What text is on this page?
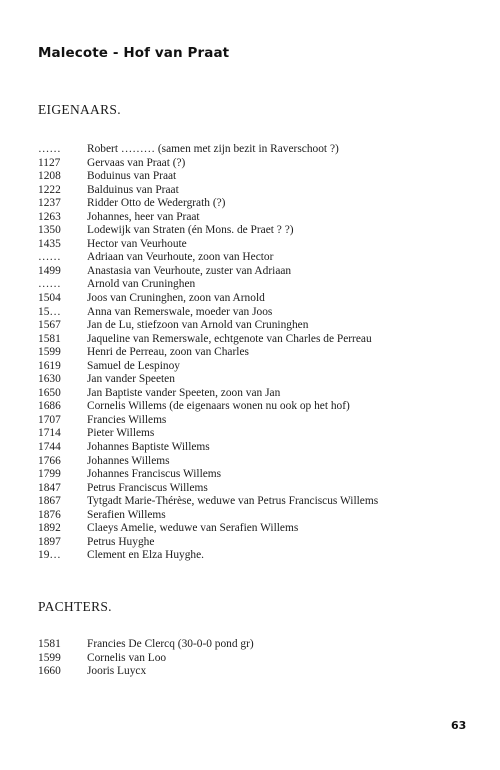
Malecote - Hof van Praat
EIGENAARS.
……	Robert ……… (samen met zijn bezit in Raverschoot ?)
1127	Gervaas van Praat (?)
1208	Boduinus van Praat
1222	Balduinus van Praat
1237	Ridder Otto de Wedergrath (?)
1263	Johannes, heer van Praat
1350	Lodewijk van Straten (én Mons. de Praet ? ?)
1435	Hector van Veurhoute
……	Adriaan van Veurhoute, zoon van Hector
1499	Anastasia van Veurhoute, zuster van Adriaan
……	Arnold van Cruninghen
1504	Joos van Cruninghen, zoon van Arnold
15…	Anna van Remerswale, moeder van Joos
1567	Jan de Lu, stiefzoon van Arnold van Cruninghen
1581	Jaqueline van Remerswale, echtgenote van Charles de Perreau
1599	Henri de Perreau, zoon van Charles
1619	Samuel de Lespinoy
1630	Jan vander Speeten
1650	Jan Baptiste vander Speeten, zoon van Jan
1686	Cornelis Willems (de eigenaars wonen nu ook op het hof)
1707	Francies Willems
1714	Pieter Willems
1744	Johannes Baptiste Willems
1766	Johannes Willems
1799	Johannes Franciscus Willems
1847	Petrus Franciscus Willems
1867	Tytgadt Marie-Thérèse, weduwe van Petrus Franciscus Willems
1876	Serafien Willems
1892	Claeys Amelie, weduwe van Serafien Willems
1897	Petrus Huyghe
19…	Clement en Elza Huyghe.
PACHTERS.
1581	Francies De Clercq (30-0-0 pond gr)
1599	Cornelis van Loo
1660	Jooris Luycx
63
